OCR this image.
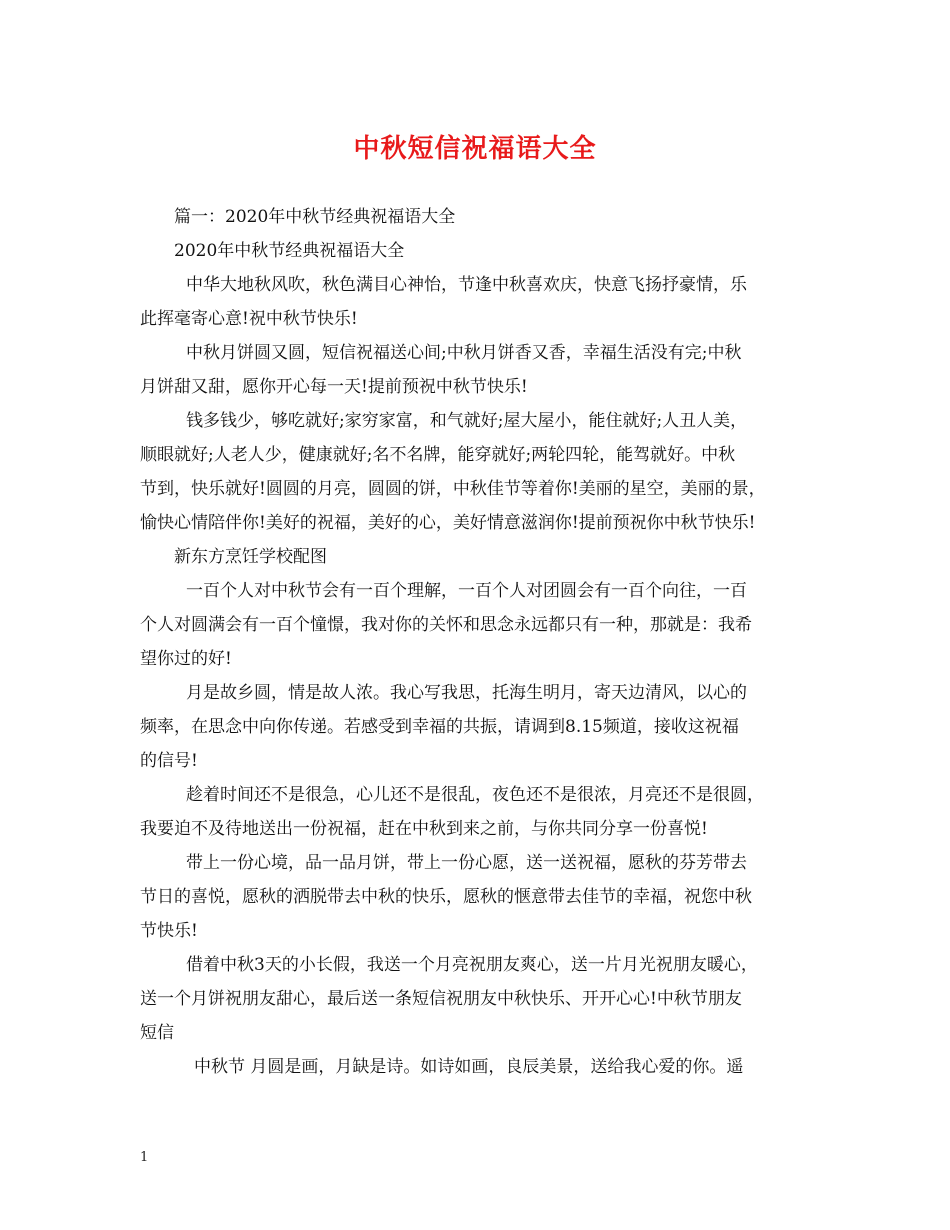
中秋短信祝福语大全
篇一：2020年中秋节经典祝福语大全
2020年中秋节经典祝福语大全
中华大地秋风吹，秋色满目心神怡，节逢中秋喜欢庆，快意飞扬抒豪情，乐
此挥毫寄心意!祝中秋节快乐!
中秋月饼圆又圆，短信祝福送心间;中秋月饼香又香，幸福生活没有完;中秋
月饼甜又甜，愿你开心每一天!提前预祝中秋节快乐!
钱多钱少，够吃就好;家穷家富，和气就好;屋大屋小，能住就好;人丑人美，
顺眼就好;人老人少，健康就好;名不名牌，能穿就好;两轮四轮，能驾就好。中秋
节到，快乐就好!圆圆的月亮，圆圆的饼，中秋佳节等着你!美丽的星空，美丽的景，
愉快心情陪伴你!美好的祝福，美好的心，美好情意滋润你!提前预祝你中秋节快乐!
新东方烹饪学校配图
一百个人对中秋节会有一百个理解，一百个人对团圆会有一百个向往，一百
个人对圆满会有一百个憧憬，我对你的关怀和思念永远都只有一种，那就是：我希
望你过的好!
月是故乡圆，情是故人浓。我心写我思，托海生明月，寄天边清风，以心的
频率，在思念中向你传递。若感受到幸福的共振，请调到8.15频道，接收这祝福
的信号!
趁着时间还不是很急，心儿还不是很乱，夜色还不是很浓，月亮还不是很圆，
我要迫不及待地送出一份祝福，赶在中秋到来之前，与你共同分享一份喜悦!
带上一份心境，品一品月饼，带上一份心愿，送一送祝福，愿秋的芬芳带去
节日的喜悦，愿秋的洒脱带去中秋的快乐，愿秋的惬意带去佳节的幸福，祝您中秋
节快乐!
借着中秋3天的小长假，我送一个月亮祝朋友爽心，送一片月光祝朋友暖心，
送一个月饼祝朋友甜心，最后送一条短信祝朋友中秋快乐、开开心心!中秋节朋友
短信
中秋节 月圆是画，月缺是诗。如诗如画，良辰美景，送给我心爱的你。遥
1
